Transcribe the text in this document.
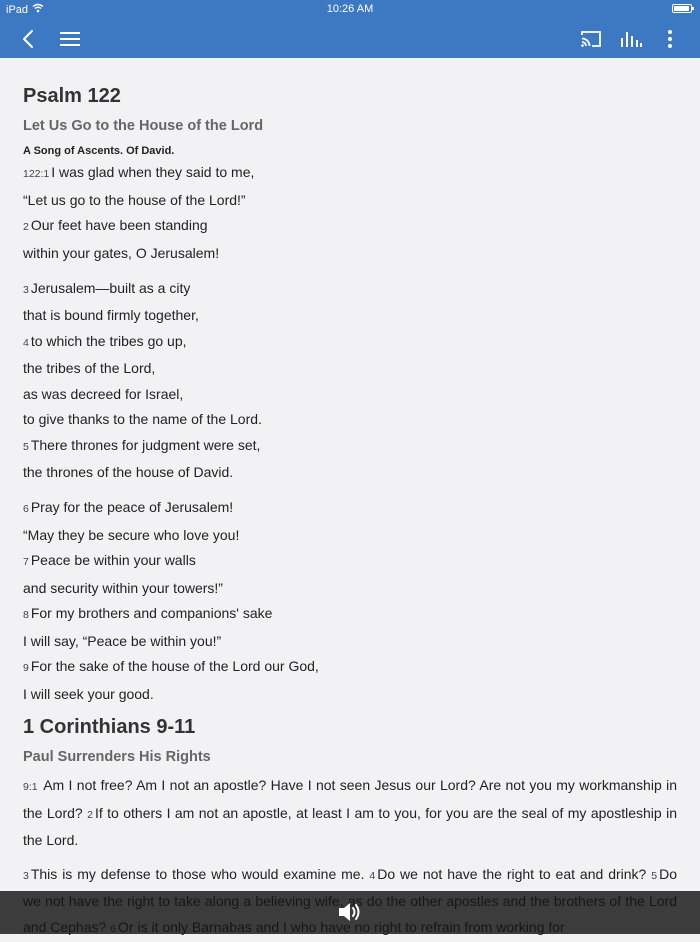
iPad	10:26 AM
Psalm 122
Let Us Go to the House of the Lord
A Song of Ascents. Of David.
122:1 I was glad when they said to me,
“Let us go to the house of the Lord!”
2 Our feet have been standing
within your gates, O Jerusalem!
3 Jerusalem—built as a city
that is bound firmly together,
4 to which the tribes go up,
the tribes of the Lord,
as was decreed for Israel,
to give thanks to the name of the Lord.
5 There thrones for judgment were set,
the thrones of the house of David.
6 Pray for the peace of Jerusalem!
“May they be secure who love you!
7 Peace be within your walls
and security within your towers!”
8 For my brothers and companions' sake
I will say, “Peace be within you!”
9 For the sake of the house of the Lord our God,
I will seek your good.
1 Corinthians 9-11
Paul Surrenders His Rights
9:1 Am I not free? Am I not an apostle? Have I not seen Jesus our Lord? Are not you my workmanship in the Lord? 2 If to others I am not an apostle, at least I am to you, for you are the seal of my apostleship in the Lord.
3 This is my defense to those who would examine me. 4 Do we not have the right to eat and drink? 5 Do
